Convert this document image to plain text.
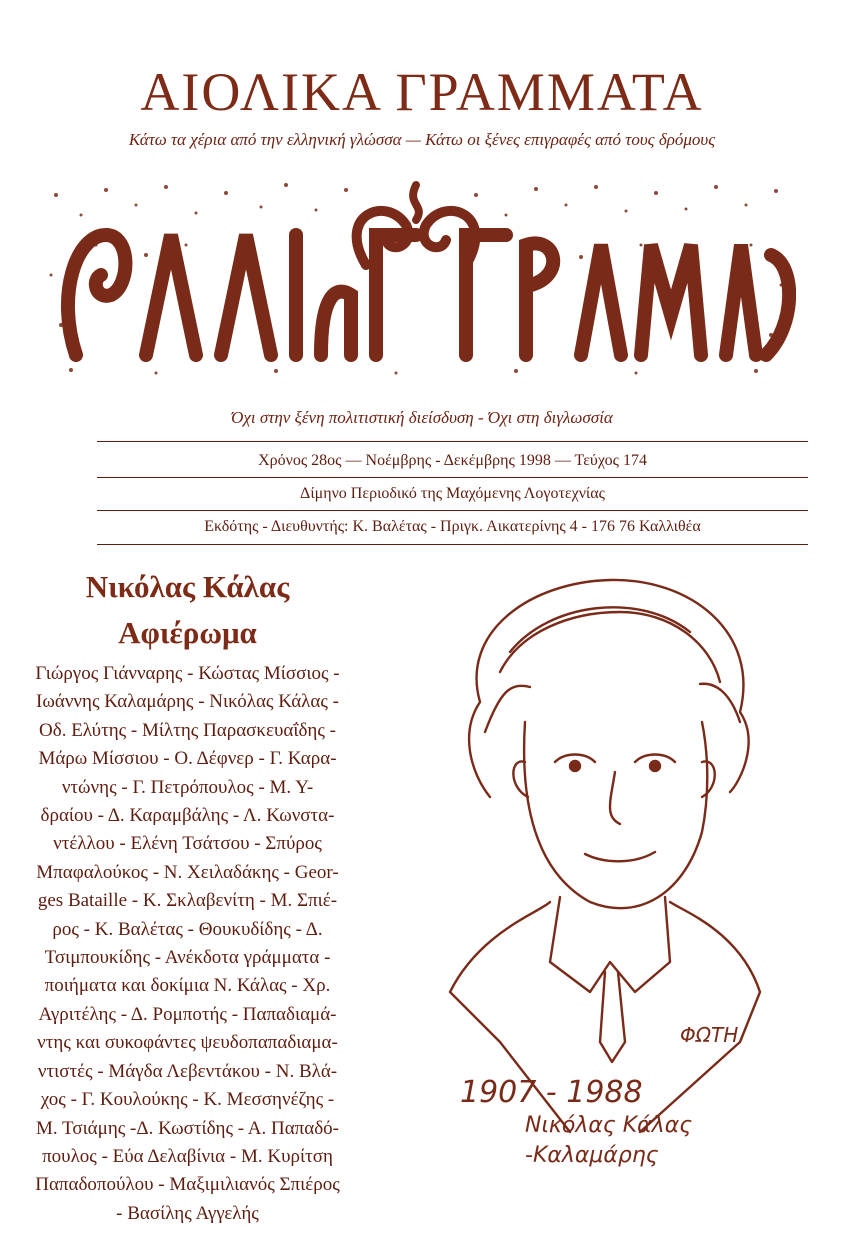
ΑΙΟΛΙΚΑ ΓΡΑΜΜΑΤΑ
Κάτω τα χέρια από την ελληνική γλώσσα — Κάτω οι ξένες επιγραφές από τους δρόμους
Όχι στην ξένη πολιτιστική διείσδυση - Όχι στη διγλωσσία
Χρόνος 28ος — Νοέμβρης - Δεκέμβρης 1998 — Τεύχος 174
Δίμηνο Περιοδικό της Μαχόμενης Λογοτεχνίας
Εκδότης - Διευθυντής: Κ. Βαλέτας - Πριγκ. Αικατερίνης 4 - 176 76 Καλλιθέα
Νικόλας Κάλας
Αφιέρωμα
Γιώργος Γιάνναρης - Κώστας Μίσσιος -
Ιωάννης Καλαμάρης - Νικόλας Κάλας -
Οδ. Ελύτης - Μίλτης Παρασκευαΐδης -
Μάρω Μίσσιου - Ο. Δέφνερ - Γ. Καρα-
ντώνης - Γ. Πετρόπουλος - Μ. Υ-
δραίου - Δ. Καραμβάλης - Λ. Κωνστα-
ντέλλου - Ελένη Τσάτσου - Σπύρος
Μπαφαλούκος - Ν. Χειλαδάκης - Geor-
ges Bataille - Κ. Σκλαβενίτη - Μ. Σπιέ-
ρος - Κ. Βαλέτας - Θουκυδίδης - Δ.
Τσιμπουκίδης - Ανέκδοτα γράμματα -
ποιήματα και δοκίμια Ν. Κάλας - Χρ.
Αγριτέλης - Δ. Ρομποτής - Παπαδιαμά-
ντης και συκοφάντες ψευδοπαπαδιαμα-
ντιστές - Μάγδα Λεβεντάκου - Ν. Βλά-
χος - Γ. Κουλούκης - Κ. Μεσσηνέζης -
Μ. Τσιάμης -Δ. Κωστίδης - Α. Παπαδό-
πουλος - Εύα Δελαβίνια - Μ. Κυρίτση
Παπαδοπούλου - Μαξιμιλιανός Σπιέρος
- Βασίλης Αγγελής
ΦΩΤΗ
1907 - 1988
Νικόλας Κάλας
-Καλαμάρης
